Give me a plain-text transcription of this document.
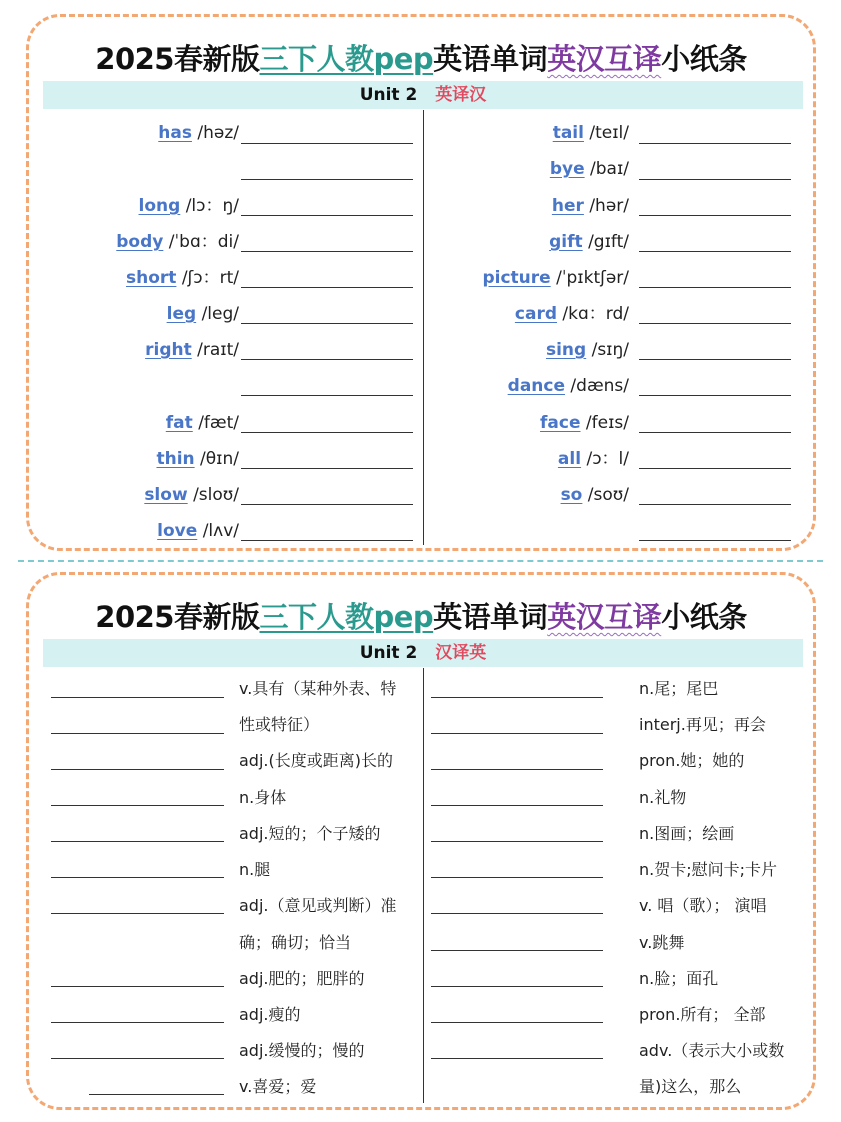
2025春新版三下人教pep英语单词英汉互译小纸条
Unit 2 英译汉
has /həz/
long /lɔ：ŋ/
body /ˈbɑ：di/
short /ʃɔ：rt/
leg /leg/
right /raɪt/
fat /fæt/
thin /θɪn/
slow /sloʊ/
love /lʌv/
tail /teɪl/
bye /baɪ/
her /hər/
gift /gɪft/
picture /ˈpɪktʃər/
card /kɑ：rd/
sing /sɪŋ/
dance /dæns/
face /feɪs/
all /ɔ：l/
so /soʊ/
2025春新版三下人教pep英语单词英汉互译小纸条
Unit 2 汉译英
v.具有（某种外表、特
性或特征）
adj.(长度或距离)长的
n.身体
adj.短的；个子矮的
n.腿
adj.（意见或判断）准
确；确切；恰当
adj.肥的；肥胖的
adj.瘦的
adj.缓慢的；慢的
v.喜爱；爱
n.尾；尾巴
interj.再见；再会
pron.她；她的
n.礼物
n.图画；绘画
n.贺卡;慰问卡;卡片
v. 唱（歌）； 演唱
v.跳舞
n.脸；面孔
pron.所有； 全部
adv.（表示大小或数
量)这么，那么
